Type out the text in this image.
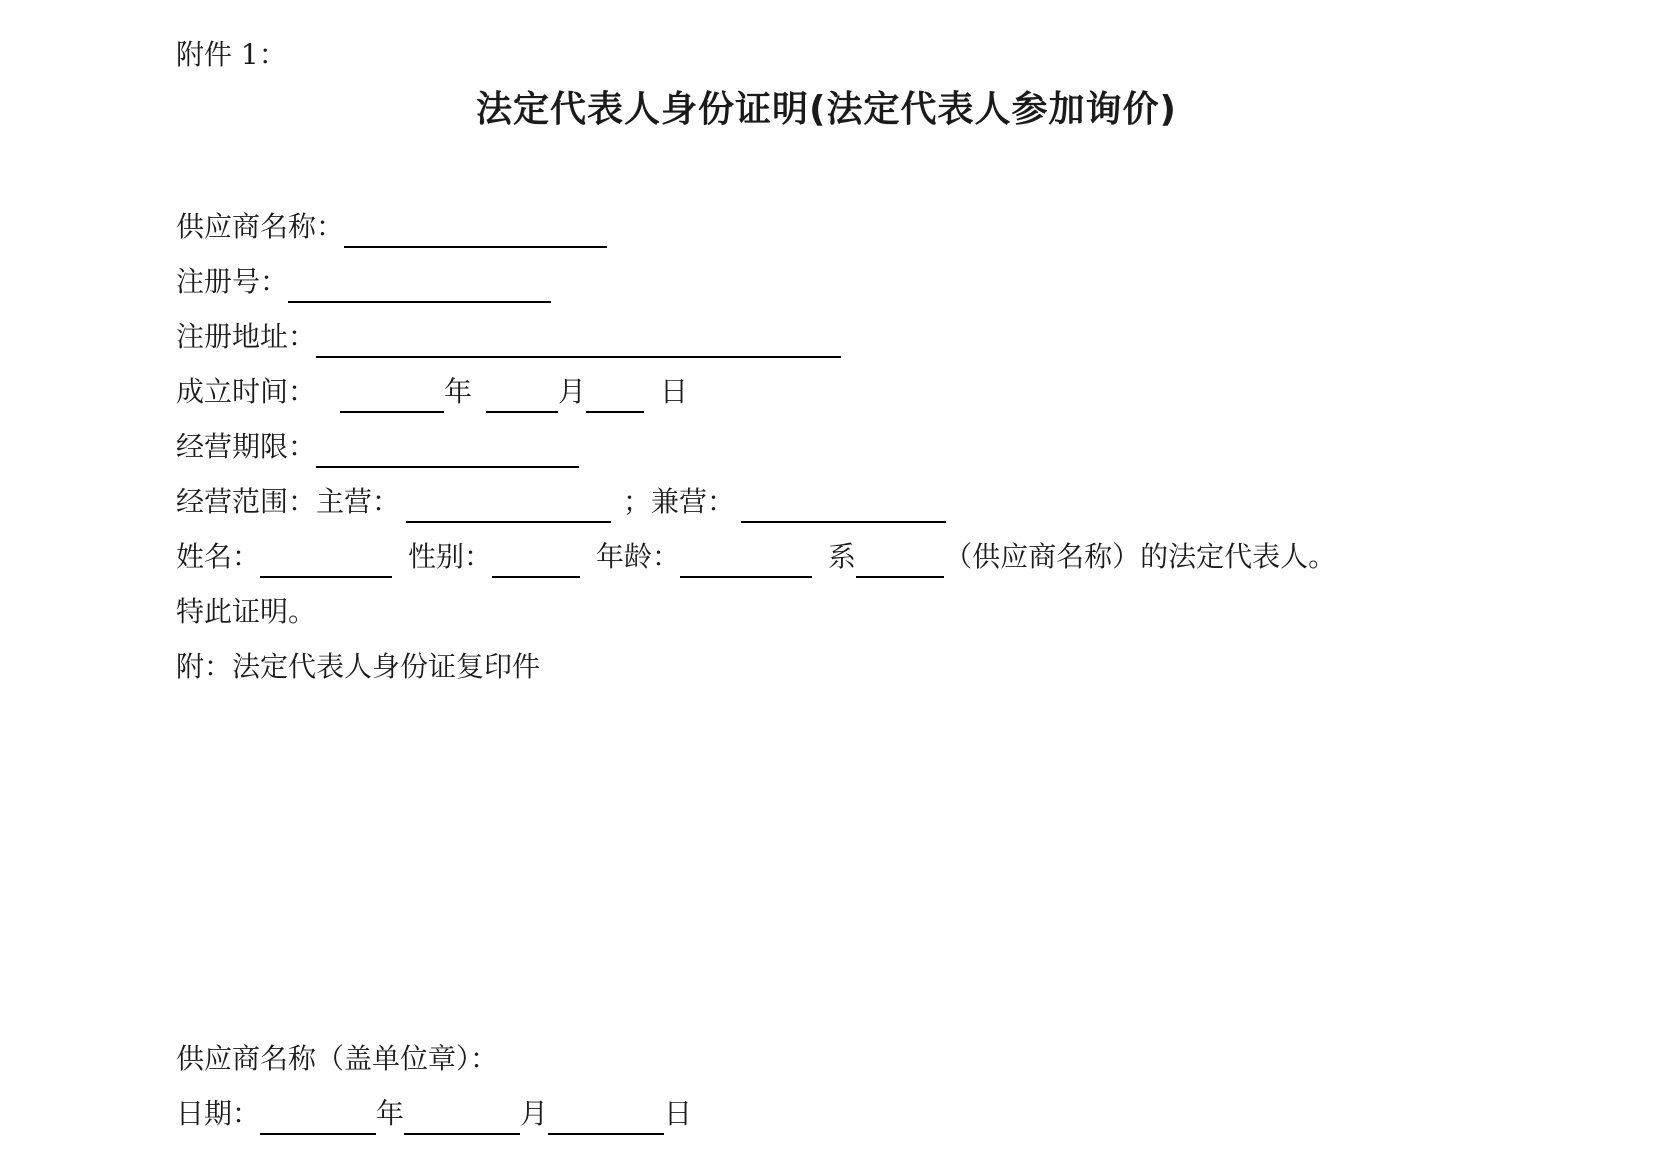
附件 1：
法定代表人身份证明(法定代表人参加询价)
供应商名称：
注册号：
注册地址：
成立时间：	年	月	日
经营期限：
经营范围：主营：	； 兼营：
姓名：	性别：	年龄：	系	（供应商名称）的法定代表人。
特此证明。
附：法定代表人身份证复印件
供应商名称（盖单位章）：
日期：	年	月	日
